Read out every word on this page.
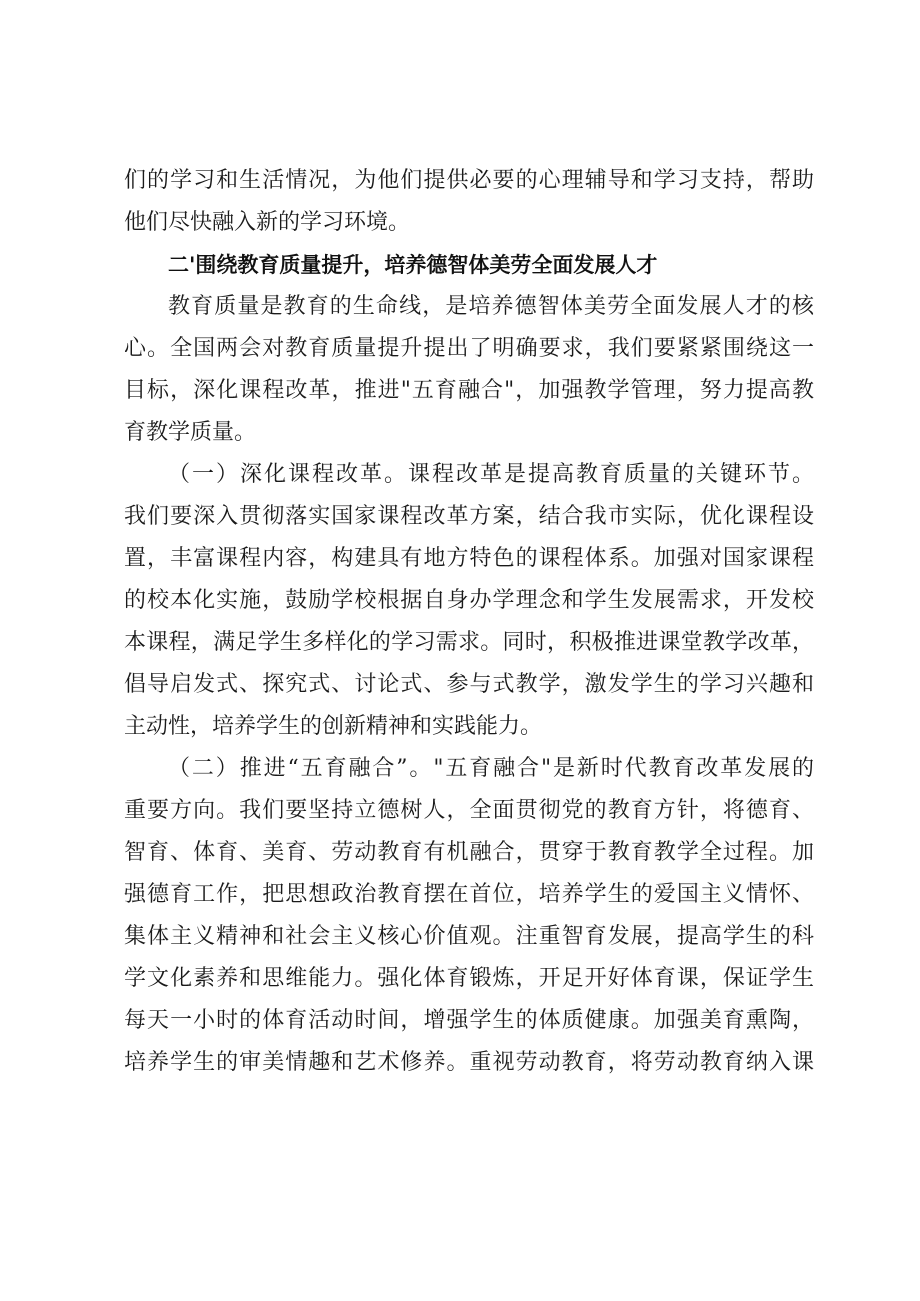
们的学习和生活情况，为他们提供必要的心理辅导和学习支持，帮助
他们尽快融入新的学习环境。
二'围绕教育质量提升，培养德智体美劳全面发展人才
教育质量是教育的生命线，是培养德智体美劳全面发展人才的核
心。全国两会对教育质量提升提出了明确要求，我们要紧紧围绕这一
目标，深化课程改革，推进"五育融合"，加强教学管理，努力提高教
育教学质量。
（一）深化课程改革。课程改革是提高教育质量的关键环节。
我们要深入贯彻落实国家课程改革方案，结合我市实际，优化课程设
置，丰富课程内容，构建具有地方特色的课程体系。加强对国家课程
的校本化实施，鼓励学校根据自身办学理念和学生发展需求，开发校
本课程，满足学生多样化的学习需求。同时，积极推进课堂教学改革，
倡导启发式、探究式、讨论式、参与式教学，激发学生的学习兴趣和
主动性，培养学生的创新精神和实践能力。
（二）推进“五育融合”。"五育融合"是新时代教育改革发展的
重要方向。我们要坚持立德树人，全面贯彻党的教育方针，将德育、
智育、体育、美育、劳动教育有机融合，贯穿于教育教学全过程。加
强德育工作，把思想政治教育摆在首位，培养学生的爱国主义情怀、
集体主义精神和社会主义核心价值观。注重智育发展，提高学生的科
学文化素养和思维能力。强化体育锻炼，开足开好体育课，保证学生
每天一小时的体育活动时间，增强学生的体质健康。加强美育熏陶，
培养学生的审美情趣和艺术修养。重视劳动教育，将劳动教育纳入课
